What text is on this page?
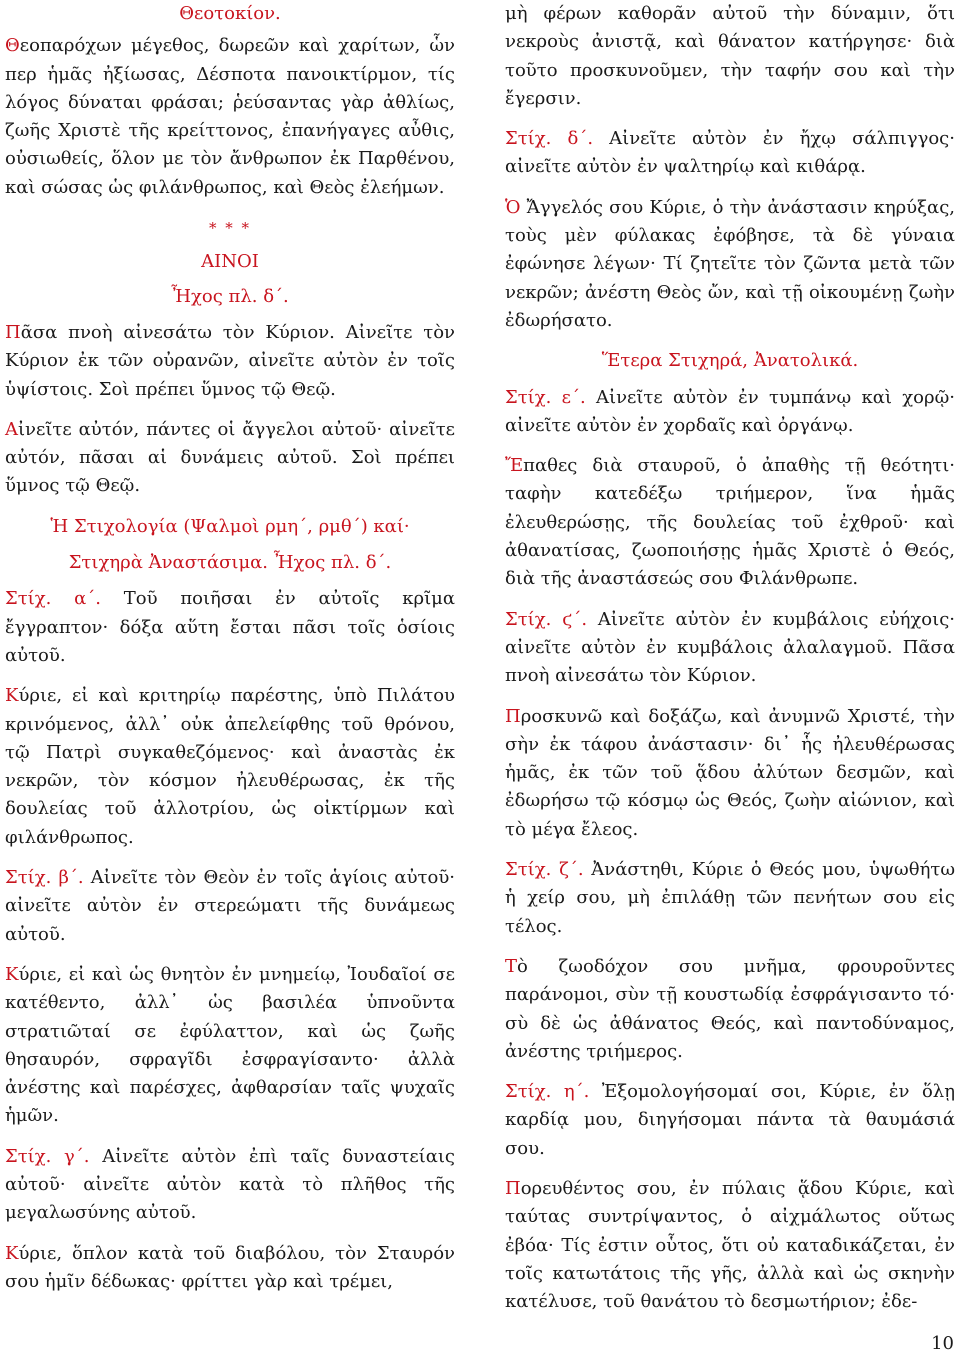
Θεοτοκίον.

Θεοπαρόχων μέγεθος, δωρεῶν καὶ χαρίτων, ὧν περ ἡμᾶς ἠξίωσας, Δέσποτα πανοικτίρμον, τίς λόγος δύναται φράσαι; ῥεύσαντας γὰρ ἀθλίως, ζωῆς Χριστὲ τῆς κρείττονος, ἐπανήγαγες αὖθις, οὐσιωθείς, ὅλον με τὸν ἄνθρωπον ἐκ Παρθένου, καὶ σώσας ὡς φιλάνθρωπος, καὶ Θεὸς ἐλεήμων.

* * *
ΑΙΝΟΙ
Ἦχος πλ. δ΄.

Πᾶσα πνοὴ αἰνεσάτω τὸν Κύριον. Αἰνεῖτε τὸν Κύριον ἐκ τῶν οὐρανῶν, αἰνεῖτε αὐτὸν ἐν τοῖς ὑψίστοις. Σοὶ πρέπει ὕμνος τῷ Θεῷ.

Αἰνεῖτε αὐτόν, πάντες οἱ ἄγγελοι αὐτοῦ· αἰνεῖτε αὐτόν, πᾶσαι αἱ δυνάμεις αὐτοῦ. Σοὶ πρέπει ὕμνος τῷ Θεῷ.

Ἡ Στιχολογία (Ψαλμοὶ ρμη΄, ρμθ΄) καί·
Στιχηρὰ Ἀναστάσιμα. Ἦχος πλ. δ΄.

Στίχ. α΄. Τοῦ ποιῆσαι ἐν αὐτοῖς κρῖμα ἔγγραπτον· δόξα αὕτη ἔσται πᾶσι τοῖς ὁσίοις αὐτοῦ.

Κύριε, εἰ καὶ κριτηρίῳ παρέστης, ὑπὸ Πιλάτου κρινόμενος, ἀλλ᾽ οὐκ ἀπελείφθης τοῦ θρόνου, τῷ Πατρὶ συγκαθεζόμενος· καὶ ἀναστὰς ἐκ νεκρῶν, τὸν κόσμον ἠλευθέρωσας, ἐκ τῆς δουλείας τοῦ ἀλλοτρίου, ὡς οἰκτίρμων καὶ φιλάνθρωπος.

Στίχ. β΄. Αἰνεῖτε τὸν Θεὸν ἐν τοῖς ἁγίοις αὐτοῦ· αἰνεῖτε αὐτὸν ἐν στερεώματι τῆς δυνάμεως αὐτοῦ.

Κύριε, εἰ καὶ ὡς θνητὸν ἐν μνημείῳ, Ἰουδαῖοί σε κατέθεντο, ἀλλ᾽ ὡς βασιλέα ὑπνοῦντα στρατιῶταί σε ἐφύλαττον, καὶ ὡς ζωῆς θησαυρόν, σφραγῖδι ἐσφραγίσαντο· ἀλλὰ ἀνέστης καὶ παρέσχες, ἀφθαρσίαν ταῖς ψυχαῖς ἡμῶν.

Στίχ. γ΄. Αἰνεῖτε αὐτὸν ἐπὶ ταῖς δυναστείαις αὐτοῦ· αἰνεῖτε αὐτὸν κατὰ τὸ πλῆθος τῆς μεγαλωσύνης αὐτοῦ.

Κύριε, ὅπλον κατὰ τοῦ διαβόλου, τὸν Σταυρόν σου ἡμῖν δέδωκας· φρίττει γὰρ καὶ τρέμει,

μὴ φέρων καθορᾶν αὐτοῦ τὴν δύναμιν, ὅτι νεκροὺς ἀνιστᾷ, καὶ θάνατον κατήργησε· διὰ τοῦτο προσκυνοῦμεν, τὴν ταφήν σου καὶ τὴν ἔγερσιν.

Στίχ. δ΄. Αἰνεῖτε αὐτὸν ἐν ἤχῳ σάλπιγγος· αἰνεῖτε αὐτὸν ἐν ψαλτηρίῳ καὶ κιθάρᾳ.

Ὁ Ἄγγελός σου Κύριε, ὁ τὴν ἀνάστασιν κηρύξας, τοὺς μὲν φύλακας ἐφόβησε, τὰ δὲ γύναια ἐφώνησε λέγων· Τί ζητεῖτε τὸν ζῶντα μετὰ τῶν νεκρῶν; ἀνέστη Θεὸς ὤν, καὶ τῇ οἰκουμένῃ ζωὴν ἐδωρήσατο.

Ἕτερα Στιχηρά, Ἀνατολικά.

Στίχ. ε΄. Αἰνεῖτε αὐτὸν ἐν τυμπάνῳ καὶ χορῷ· αἰνεῖτε αὐτὸν ἐν χορδαῖς καὶ ὀργάνῳ.

Ἔπαθες διὰ σταυροῦ, ὁ ἀπαθὴς τῇ θεότητι· ταφὴν κατεδέξω τριήμερον, ἵνα ἡμᾶς ἐλευθερώσῃς, τῆς δουλείας τοῦ ἐχθροῦ· καὶ ἀθανατίσας, ζωοποιήσῃς ἡμᾶς Χριστὲ ὁ Θεός, διὰ τῆς ἀναστάσεώς σου Φιλάνθρωπε.

Στίχ. ϛ΄. Αἰνεῖτε αὐτὸν ἐν κυμβάλοις εὐήχοις· αἰνεῖτε αὐτὸν ἐν κυμβάλοις ἀλαλαγμοῦ. Πᾶσα πνοὴ αἰνεσάτω τὸν Κύριον.

Προσκυνῶ καὶ δοξάζω, καὶ ἀνυμνῶ Χριστέ, τὴν σὴν ἐκ τάφου ἀνάστασιν· δι᾽ ἧς ἠλευθέρωσας ἡμᾶς, ἐκ τῶν τοῦ ᾅδου ἀλύτων δεσμῶν, καὶ ἐδωρήσω τῷ κόσμῳ ὡς Θεός, ζωὴν αἰώνιον, καὶ τὸ μέγα ἔλεος.

Στίχ. ζ΄. Ἀνάστηθι, Κύριε ὁ Θεός μου, ὑψωθήτω ἡ χείρ σου, μὴ ἐπιλάθῃ τῶν πενήτων σου εἰς τέλος.

Τὸ ζωοδόχον σου μνῆμα, φρουροῦντες παράνομοι, σὺν τῇ κουστωδίᾳ ἐσφράγισαντο τό· σὺ δὲ ὡς ἀθάνατος Θεός, καὶ παντοδύναμος, ἀνέστης τριήμερος.

Στίχ. η΄. Ἐξομολογήσομαί σοι, Κύριε, ἐν ὅλῃ καρδίᾳ μου, διηγήσομαι πάντα τὰ θαυμάσιά σου.

Πορευθέντος σου, ἐν πύλαις ᾅδου Κύριε, καὶ ταύτας συντρίψαντος, ὁ αἰχμάλωτος οὕτως ἐβόα· Τίς ἐστιν οὗτος, ὅτι οὐ καταδικάζεται, ἐν τοῖς κατωτάτοις τῆς γῆς, ἀλλὰ καὶ ὡς σκηνὴν κατέλυσε, τοῦ θανάτου τὸ δεσμωτήριον; ἐδε-

10
